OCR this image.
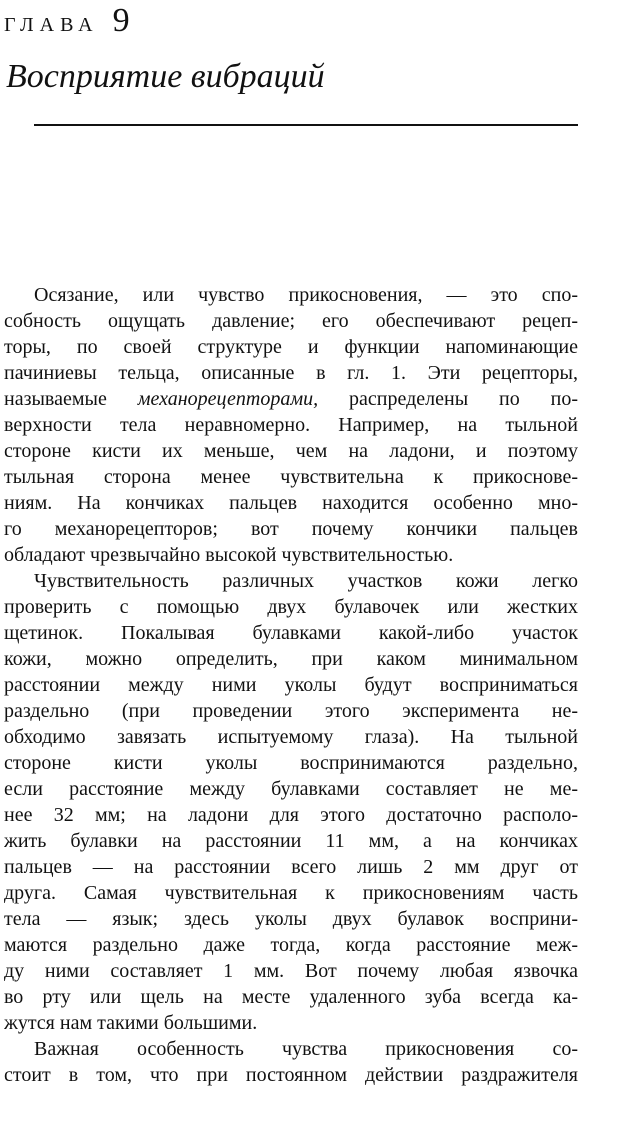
ГЛАВА 9
Восприятие вибраций
Осязание, или чувство прикосновения, — это спо-
собность ощущать давление; его обеспечивают рецеп-
торы, по своей структуре и функции напоминающие
пачиниевы тельца, описанные в гл. 1. Эти рецепторы,
называемые механорецепторами, распределены по по-
верхности тела неравномерно. Например, на тыльной
стороне кисти их меньше, чем на ладони, и поэтому
тыльная сторона менее чувствительна к прикоснове-
ниям. На кончиках пальцев находится особенно мно-
го механорецепторов; вот почему кончики пальцев
обладают чрезвычайно высокой чувствительностью.
Чувствительность различных участков кожи легко
проверить с помощью двух булавочек или жестких
щетинок. Покалывая булавками какой-либо участок
кожи, можно определить, при каком минимальном
расстоянии между ними уколы будут восприниматься
раздельно (при проведении этого эксперимента не-
обходимо завязать испытуемому глаза). На тыльной
стороне кисти уколы воспринимаются раздельно,
если расстояние между булавками составляет не ме-
нее 32 мм; на ладони для этого достаточно располо-
жить булавки на расстоянии 11 мм, а на кончиках
пальцев — на расстоянии всего лишь 2 мм друг от
друга. Самая чувствительная к прикосновениям часть
тела — язык; здесь уколы двух булавок восприни-
маются раздельно даже тогда, когда расстояние меж-
ду ними составляет 1 мм. Вот почему любая язвочка
во рту или щель на месте удаленного зуба всегда ка-
жутся нам такими большими.
Важная особенность чувства прикосновения со-
стоит в том, что при постоянном действии раздражителя
